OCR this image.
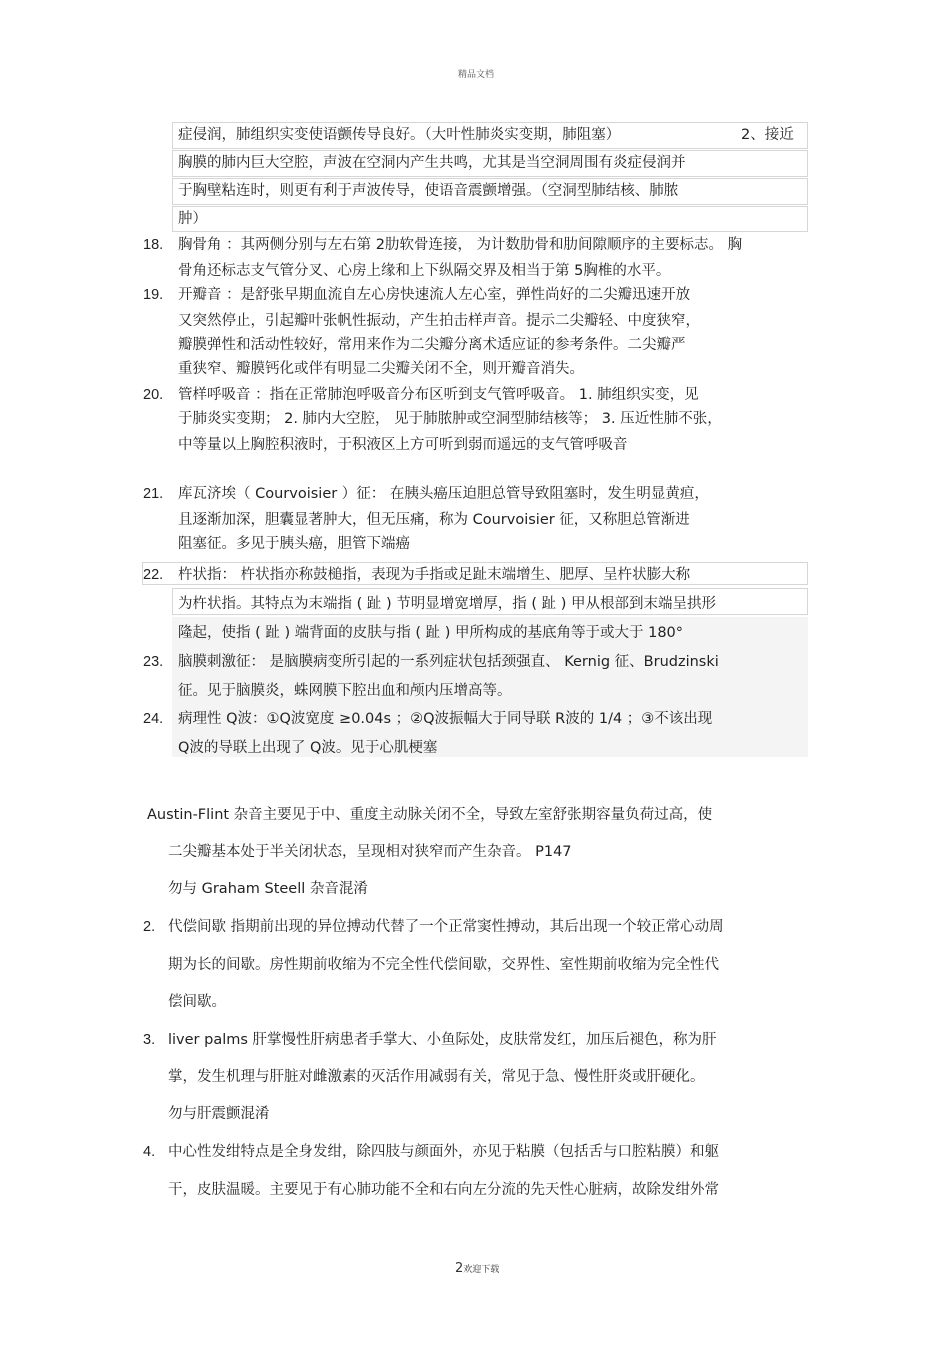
精品文档
症侵润，肺组织实变使语颤传导良好。（大叶性肺炎实变期，肺阻塞）	2、接近
胸膜的肺内巨大空腔，声波在空洞内产生共鸣，尤其是当空洞周围有炎症侵润并
于胸壁粘连时，则更有利于声波传导，使语音震颤增强。（空洞型肺结核、肺脓
肿）
18. 胸骨角 ：其两侧分别与左右第 2肋软骨连接， 为计数肋骨和肋间隙顺序的主要标志。 胸
骨角还标志支气管分叉、心房上缘和上下纵隔交界及相当于第 5胸椎的水平。
19. 开瓣音 ：是舒张早期血流自左心房快速流人左心室，弹性尚好的二尖瓣迅速开放
又突然停止，引起瓣叶张帆性振动，产生拍击样声音。提示二尖瓣轻、中度狭窄，
瓣膜弹性和活动性较好，常用来作为二尖瓣分离术适应证的参考条件。二尖瓣严
重狭窄、瓣膜钙化或伴有明显二尖瓣关闭不全，则开瓣音消失。
20. 管样呼吸音 ：指在正常肺泡呼吸音分布区听到支气管呼吸音。 1. 肺组织实变，见
于肺炎实变期； 2. 肺内大空腔， 见于肺脓肿或空洞型肺结核等； 3. 压近性肺不张，
中等量以上胸腔积液时，于积液区上方可听到弱而遥远的支气管呼吸音
21. 库瓦济埃（ Courvoisier ）征： 在胰头癌压迫胆总管导致阻塞时，发生明显黄疸，
且逐渐加深，胆囊显著肿大，但无压痛，称为 Courvoisier 征，又称胆总管渐进
阻塞征。多见于胰头癌，胆管下端癌
22. 杵状指： 杵状指亦称鼓槌指，表现为手指或足趾末端增生、肥厚、呈杵状膨大称
为杵状指。其特点为末端指 ( 趾 ) 节明显增宽增厚，指 ( 趾 ) 甲从根部到末端呈拱形
隆起，使指 ( 趾 ) 端背面的皮肤与指 ( 趾 ) 甲所构成的基底角等于或大于 180°
23. 脑膜刺激征： 是脑膜病变所引起的一系列症状包括颈强直、 Kernig 征、Brudzinski
征。见于脑膜炎，蛛网膜下腔出血和颅内压增高等。
24. 病理性 Q波：①Q波宽度 ≥0.04s ；②Q波振幅大于同导联 R波的 1/4 ；③不该出现
Q波的导联上出现了 Q波。见于心肌梗塞
Austin-Flint 杂音主要见于中、重度主动脉关闭不全，导致左室舒张期容量负荷过高，使
二尖瓣基本处于半关闭状态，呈现相对狭窄而产生杂音。 P147
勿与 Graham Steell 杂音混淆
2. 代偿间歇 指期前出现的异位搏动代替了一个正常窦性搏动，其后出现一个较正常心动周
期为长的间歇。房性期前收缩为不完全性代偿间歇，交界性、室性期前收缩为完全性代
偿间歇。
3. liver palms 肝掌慢性肝病患者手掌大、小鱼际处，皮肤常发红，加压后褪色，称为肝
掌，发生机理与肝脏对雌激素的灭活作用减弱有关，常见于急、慢性肝炎或肝硬化。
勿与肝震颤混淆
4. 中心性发绀特点是全身发绀，除四肢与颜面外，亦见于粘膜（包括舌与口腔粘膜）和躯
干，皮肤温暖。主要见于有心肺功能不全和右向左分流的先天性心脏病，故除发绀外常
2欢迎下载
